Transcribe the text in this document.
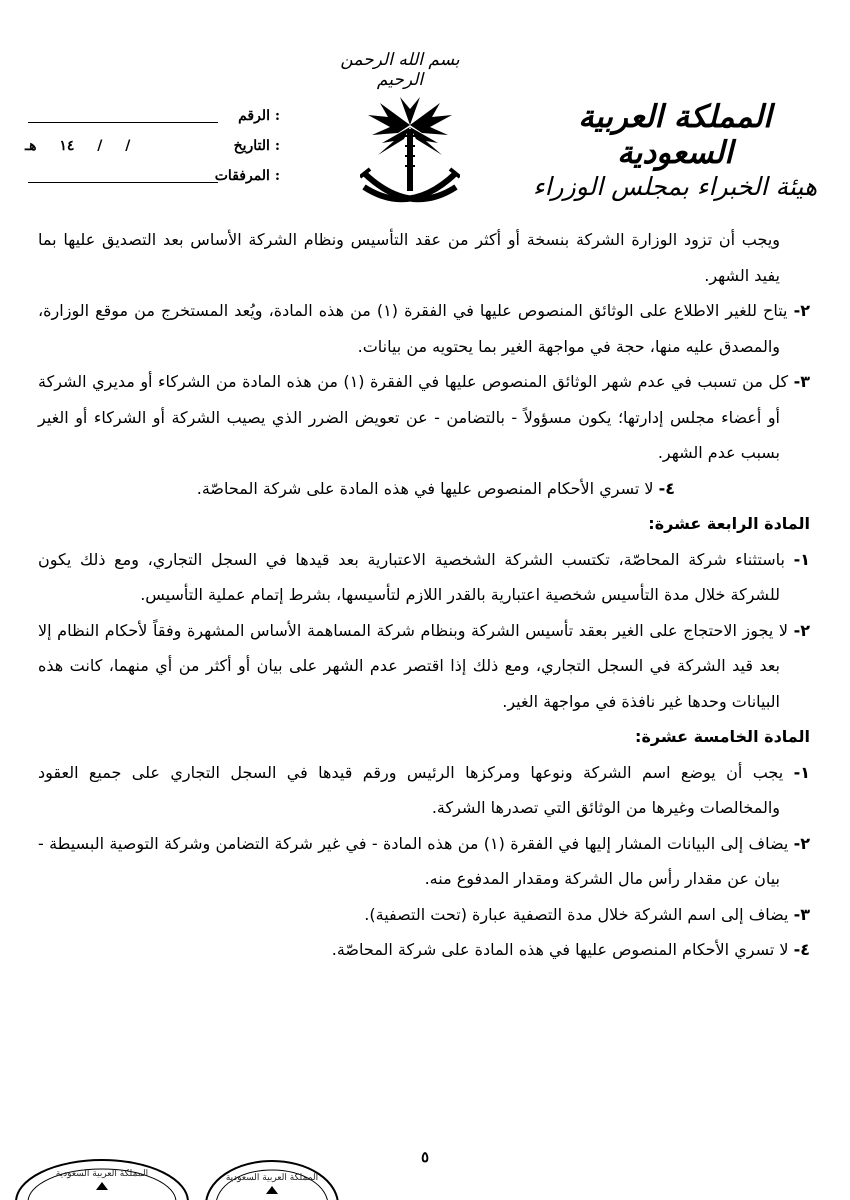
بسم الله الرحمن الرحيم
المملكة العربية السعودية
هيئة الخبراء بمجلس الوزراء
الرقم :
التاريخ :
١٤ هـ / /
المرفقات :

ويجب أن تزود الوزارة الشركة بنسخة أو أكثر من عقد التأسيس ونظام الشركة الأساس بعد التصديق عليها بما يفيد الشهر.

٢- يتاح للغير الاطلاع على الوثائق المنصوص عليها في الفقرة (١) من هذه المادة، ويُعد المستخرج من موقع الوزارة، والمصدق عليه منها، حجة في مواجهة الغير بما يحتويه من بيانات.

٣- كل من تسبب في عدم شهر الوثائق المنصوص عليها في الفقرة (١) من هذه المادة من الشركاء أو مديري الشركة أو أعضاء مجلس إدارتها؛ يكون مسؤولاً - بالتضامن - عن تعويض الضرر الذي يصيب الشركة أو الشركاء أو الغير بسبب عدم الشهر.

٤- لا تسري الأحكام المنصوص عليها في هذه المادة على شركة المحاصّة.

المادة الرابعة عشرة:

١- باستثناء شركة المحاصّة، تكتسب الشركة الشخصية الاعتبارية بعد قيدها في السجل التجاري، ومع ذلك يكون للشركة خلال مدة التأسيس شخصية اعتبارية بالقدر اللازم لتأسيسها، بشرط إتمام عملية التأسيس.

٢- لا يجوز الاحتجاج على الغير بعقد تأسيس الشركة وبنظام شركة المساهمة الأساس المشهرة وفقاً لأحكام النظام إلا بعد قيد الشركة في السجل التجاري، ومع ذلك إذا اقتصر عدم الشهر على بيان أو أكثر من أي منهما، كانت هذه البيانات وحدها غير نافذة في مواجهة الغير.

المادة الخامسة عشرة:

١- يجب أن يوضع اسم الشركة ونوعها ومركزها الرئيس ورقم قيدها في السجل التجاري على جميع العقود والمخالصات وغيرها من الوثائق التي تصدرها الشركة.

٢- يضاف إلى البيانات المشار إليها في الفقرة (١) من هذه المادة - في غير شركة التضامن وشركة التوصية البسيطة - بيان عن مقدار رأس مال الشركة ومقدار المدفوع منه.

٣- يضاف إلى اسم الشركة خلال مدة التصفية عبارة (تحت التصفية).

٤- لا تسري الأحكام المنصوص عليها في هذه المادة على شركة المحاصّة.

٥
المملكة العربية السعودية	المملكة العربية السعودية
